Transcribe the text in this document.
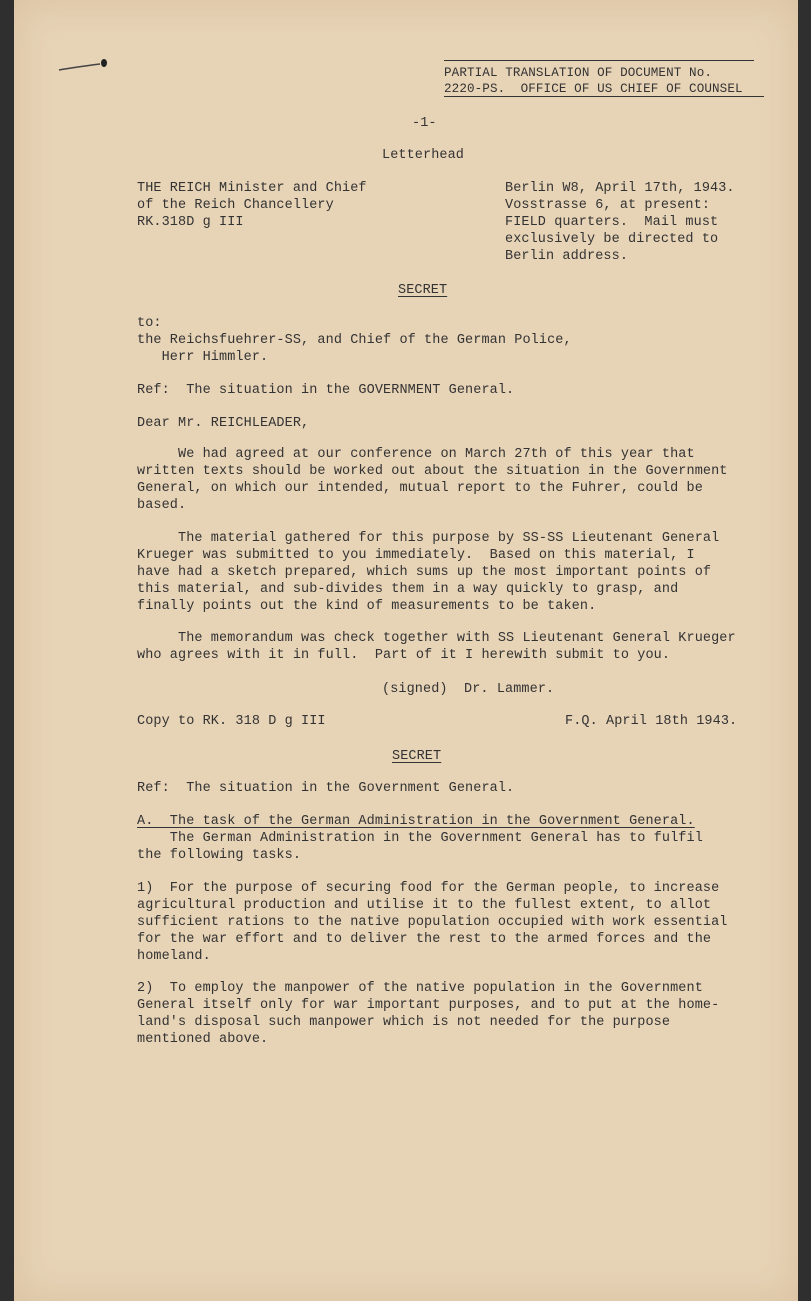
PARTIAL TRANSLATION OF DOCUMENT No.

2220-PS.  OFFICE OF US CHIEF OF COUNSEL

-1-

Letterhead

THE REICH Minister and Chief

of the Reich Chancellery

RK.318D g III

Berlin W8, April 17th, 1943.

Vosstrasse 6, at present:

FIELD quarters.  Mail must

exclusively be directed to

Berlin address.

SECRET

to:

the Reichsfuehrer-SS, and Chief of the German Police,

Herr Himmler.

Ref:  The situation in the GOVERNMENT General.

Dear Mr. REICHLEADER,

We had agreed at our conference on March 27th of this year that

written texts should be worked out about the situation in the Government

General, on which our intended, mutual report to the Fuhrer, could be

based.

The material gathered for this purpose by SS-SS Lieutenant General

Krueger was submitted to you immediately.  Based on this material, I

have had a sketch prepared, which sums up the most important points of

this material, and sub-divides them in a way quickly to grasp, and

finally points out the kind of measurements to be taken.

The memorandum was check together with SS Lieutenant General Krueger

who agrees with it in full.  Part of it I herewith submit to you.

(signed)  Dr. Lammer.

Copy to RK. 318 D g III	F.Q. April 18th 1943.

SECRET

Ref:  The situation in the Government General.

A.  The task of the German Administration in the Government General.

The German Administration in the Government General has to fulfil

the following tasks.

1)  For the purpose of securing food for the German people, to increase

agricultural production and utilise it to the fullest extent, to allot

sufficient rations to the native population occupied with work essential

for the war effort and to deliver the rest to the armed forces and the

homeland.

2)  To employ the manpower of the native population in the Government

General itself only for war important purposes, and to put at the home-

land's disposal such manpower which is not needed for the purpose

mentioned above.
